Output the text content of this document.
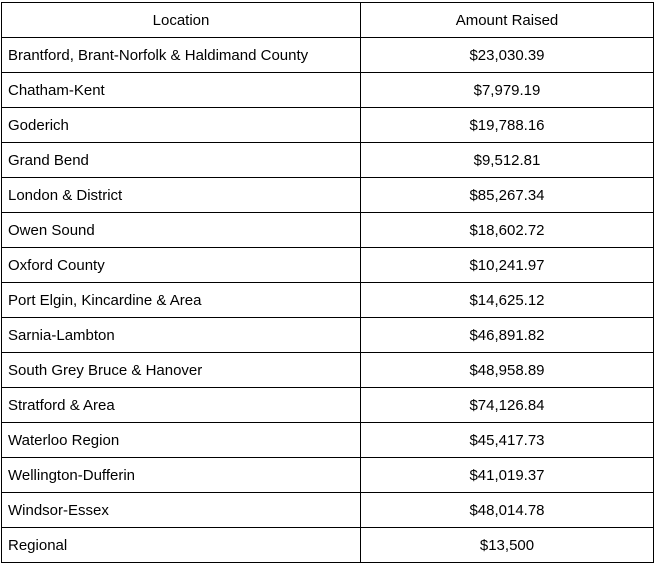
Location	Amount Raised
Brantford, Brant-Norfolk & Haldimand County	$23,030.39
Chatham-Kent	$7,979.19
Goderich	$19,788.16
Grand Bend	$9,512.81
London & District	$85,267.34
Owen Sound	$18,602.72
Oxford County	$10,241.97
Port Elgin, Kincardine & Area	$14,625.12
Sarnia-Lambton	$46,891.82
South Grey Bruce & Hanover	$48,958.89
Stratford & Area	$74,126.84
Waterloo Region	$45,417.73
Wellington-Dufferin	$41,019.37
Windsor-Essex	$48,014.78
Regional	$13,500
